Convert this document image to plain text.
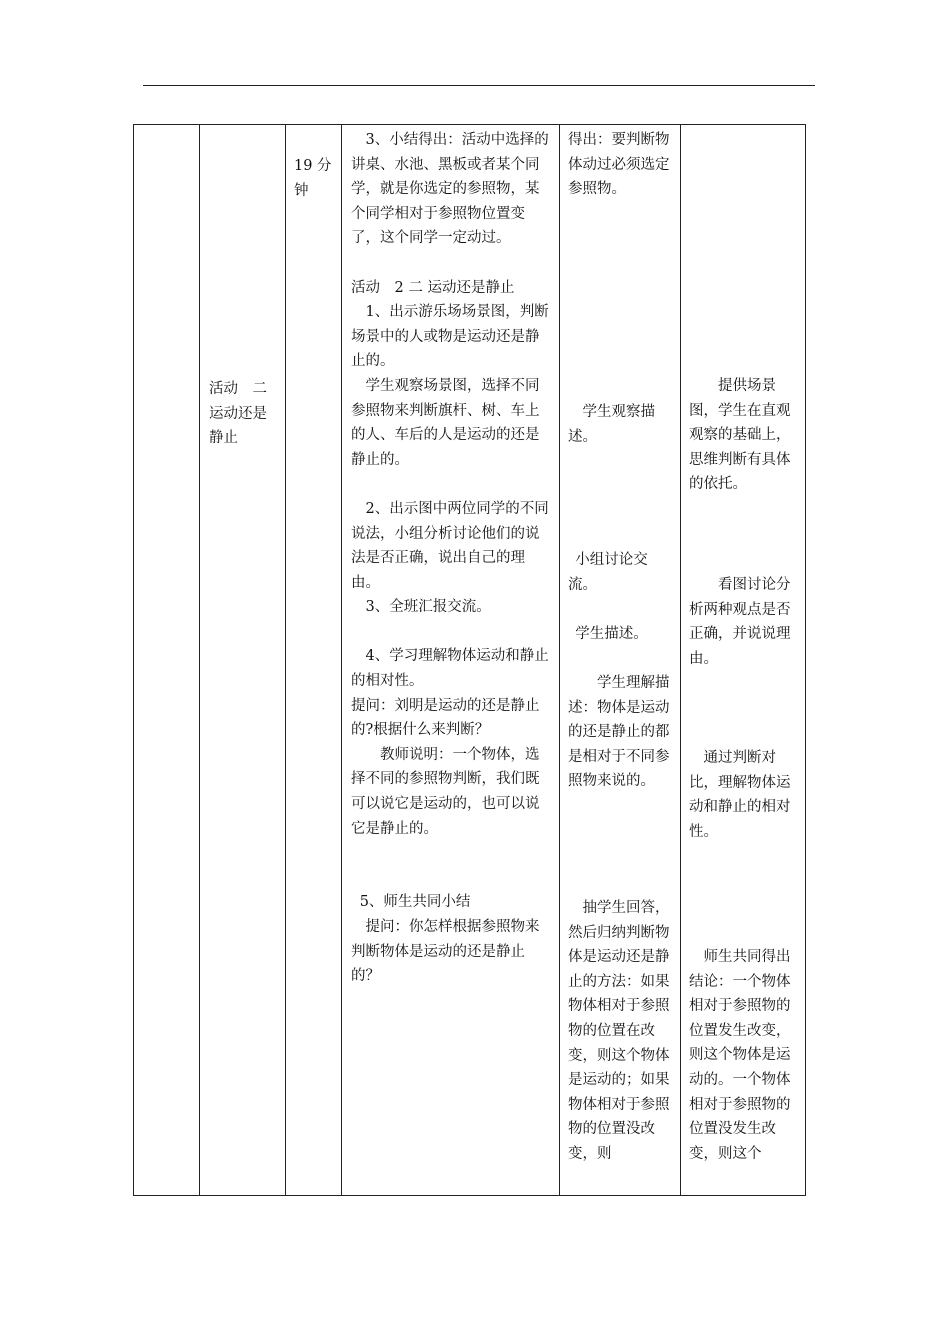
活动　二运动还是静止

19 分钟

3、小结得出：活动中选择的讲桌、水池、黑板或者某个同学，就是你选定的参照物，某个同学相对于参照物位置变了，这个同学一定动过。

活动　2 二 运动还是静止

1、出示游乐场场景图，判断场景中的人或物是运动还是静止的。

学生观察场景图，选择不同参照物来判断旗杆、树、车上的人、车后的人是运动的还是静止的。

2、出示图中两位同学的不同说法，小组分析讨论他们的说法是否正确，说出自己的理由。

3、全班汇报交流。

4、学习理解物体运动和静止的相对性。

提问：刘明是运动的还是静止的?根据什么来判断？

教师说明：一个物体，选择不同的参照物判断，我们既可以说它是运动的，也可以说它是静止的。

5、师生共同小结

提问：你怎样根据参照物来判断物体是运动的还是静止的？

得出：要判断物体动过必须选定参照物。

学生观察描述。

小组讨论交流。

学生描述。

学生理解描述：物体是运动的还是静止的都是相对于不同参照物来说的。

抽学生回答，然后归纳判断物体是运动还是静止的方法：如果物体相对于参照物的位置在改变，则这个物体是运动的；如果物体相对于参照物的位置没改变，则

提供场景图，学生在直观观察的基础上，思维判断有具体的依托。

看图讨论分析两种观点是否正确，并说说理由。

通过判断对比，理解物体运动和静止的相对性。

师生共同得出结论：一个物体相对于参照物的位置发生改变，则这个物体是运动的。一个物体相对于参照物的位置没发生改变，则这个
